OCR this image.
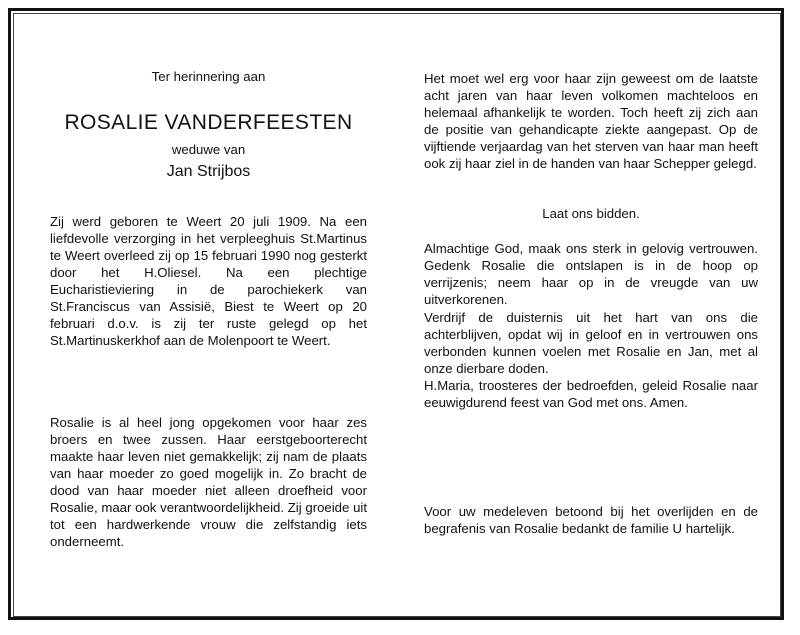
Ter herinnering aan
ROSALIE VANDERFEESTEN
weduwe van
Jan Strijbos

Zij werd geboren te Weert 20 juli 1909. Na een liefdevolle verzorging in het verpleeghuis St.Martinus te Weert overleed zij op 15 februari 1990 nog gesterkt door het H.Oliesel. Na een plechtige Eucharistieviering in de parochiekerk van St.Franciscus van Assisië, Biest te Weert op 20 februari d.o.v. is zij ter ruste gelegd op het St.Martinuskerkhof aan de Molenpoort te Weert.

Rosalie is al heel jong opgekomen voor haar zes broers en twee zussen. Haar eerstgeboorterecht maakte haar leven niet gemakkelijk; zij nam de plaats van haar moeder zo goed mogelijk in. Zo bracht de dood van haar moeder niet alleen droefheid voor Rosalie, maar ook verantwoordelijkheid. Zij groeide uit tot een hardwerkende vrouw die zelfstandig iets onderneemt.

Het moet wel erg voor haar zijn geweest om de laatste acht jaren van haar leven volkomen machteloos en helemaal afhankelijk te worden. Toch heeft zij zich aan de positie van gehandicapte ziekte aangepast. Op de vijftiende verjaardag van het sterven van haar man heeft ook zij haar ziel in de handen van haar Schepper gelegd.

Laat ons bidden.

Almachtige God, maak ons sterk in gelovig vertrouwen. Gedenk Rosalie die ontslapen is in de hoop op verrijzenis; neem haar op in de vreugde van uw uitverkorenen.

Verdrijf de duisternis uit het hart van ons die achterblijven, opdat wij in geloof en in vertrouwen ons verbonden kunnen voelen met Rosalie en Jan, met al onze dierbare doden.

H.Maria, troosteres der bedroefden, geleid Rosalie naar eeuwigdurend feest van God met ons. Amen.

Voor uw medeleven betoond bij het overlijden en de begrafenis van Rosalie bedankt de familie U hartelijk.
